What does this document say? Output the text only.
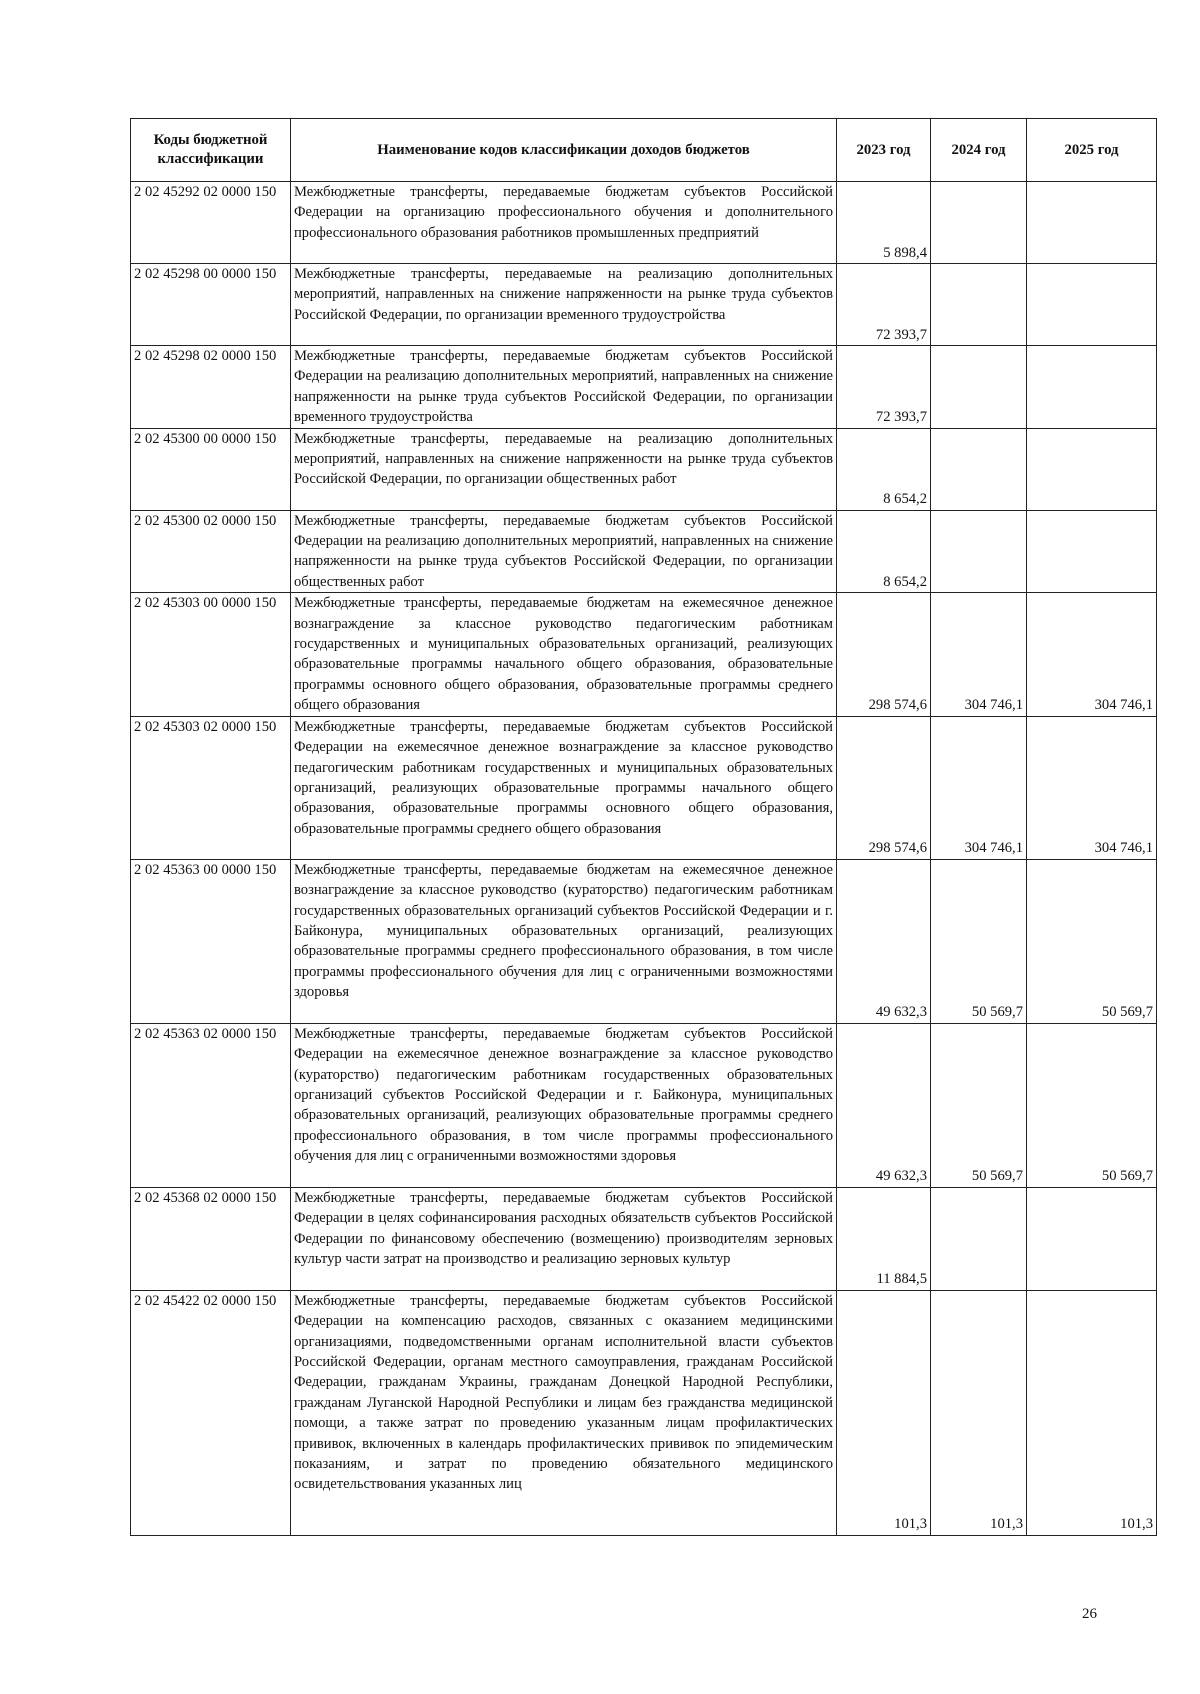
Коды бюджетной классификации	Наименование кодов классификации доходов бюджетов	2023 год	2024 год	2025 год
2 02 45292 02 0000 150	Межбюджетные трансферты, передаваемые бюджетам субъектов Российской Федерации на организацию профессионального обучения и дополнительного профессионального образования работников промышленных предприятий	5 898,4		
2 02 45298 00 0000 150	Межбюджетные трансферты, передаваемые на реализацию дополнительных мероприятий, направленных на снижение напряженности на рынке труда субъектов Российской Федерации, по организации временного трудоустройства	72 393,7		
2 02 45298 02 0000 150	Межбюджетные трансферты, передаваемые бюджетам субъектов Российской Федерации на реализацию дополнительных мероприятий, направленных на снижение напряженности на рынке труда субъектов Российской Федерации, по организации временного трудоустройства	72 393,7		
2 02 45300 00 0000 150	Межбюджетные трансферты, передаваемые на реализацию дополнительных мероприятий, направленных на снижение напряженности на рынке труда субъектов Российской Федерации, по организации общественных работ	8 654,2		
2 02 45300 02 0000 150	Межбюджетные трансферты, передаваемые бюджетам субъектов Российской Федерации на реализацию дополнительных мероприятий, направленных на снижение напряженности на рынке труда субъектов Российской Федерации, по организации общественных работ	8 654,2		
2 02 45303 00 0000 150	Межбюджетные трансферты, передаваемые бюджетам на ежемесячное денежное вознаграждение за классное руководство педагогическим работникам государственных и муниципальных образовательных организаций, реализующих образовательные программы начального общего образования, образовательные программы основного общего образования, образовательные программы среднего общего образования	298 574,6	304 746,1	304 746,1
2 02 45303 02 0000 150	Межбюджетные трансферты, передаваемые бюджетам субъектов Российской Федерации на ежемесячное денежное вознаграждение за классное руководство педагогическим работникам государственных и муниципальных образовательных организаций, реализующих образовательные программы начального общего образования, образовательные программы основного общего образования, образовательные программы среднего общего образования	298 574,6	304 746,1	304 746,1
2 02 45363 00 0000 150	Межбюджетные трансферты, передаваемые бюджетам на ежемесячное денежное вознаграждение за классное руководство (кураторство) педагогическим работникам государственных образовательных организаций субъектов Российской Федерации и г. Байконура, муниципальных образовательных организаций, реализующих образовательные программы среднего профессионального образования, в том числе программы профессионального обучения для лиц с ограниченными возможностями здоровья	49 632,3	50 569,7	50 569,7
2 02 45363 02 0000 150	Межбюджетные трансферты, передаваемые бюджетам субъектов Российской Федерации на ежемесячное денежное вознаграждение за классное руководство (кураторство) педагогическим работникам государственных образовательных организаций субъектов Российской Федерации и г. Байконура, муниципальных образовательных организаций, реализующих образовательные программы среднего профессионального образования, в том числе программы профессионального обучения для лиц с ограниченными возможностями здоровья	49 632,3	50 569,7	50 569,7
2 02 45368 02 0000 150	Межбюджетные трансферты, передаваемые бюджетам субъектов Российской Федерации в целях софинансирования расходных обязательств субъектов Российской Федерации по финансовому обеспечению (возмещению) производителям зерновых культур части затрат на производство и реализацию зерновых культур	11 884,5		
2 02 45422 02 0000 150	Межбюджетные трансферты, передаваемые бюджетам субъектов Российской Федерации на компенсацию расходов, связанных с оказанием медицинскими организациями, подведомственными органам исполнительной власти субъектов Российской Федерации, органам местного самоуправления, гражданам Российской Федерации, гражданам Украины, гражданам Донецкой Народной Республики, гражданам Луганской Народной Республики и лицам без гражданства медицинской помощи, а также затрат по проведению указанным лицам профилактических прививок, включенных в календарь профилактических прививок по эпидемическим показаниям, и затрат по проведению обязательного медицинского освидетельствования указанных лиц	101,3	101,3	101,3
26
